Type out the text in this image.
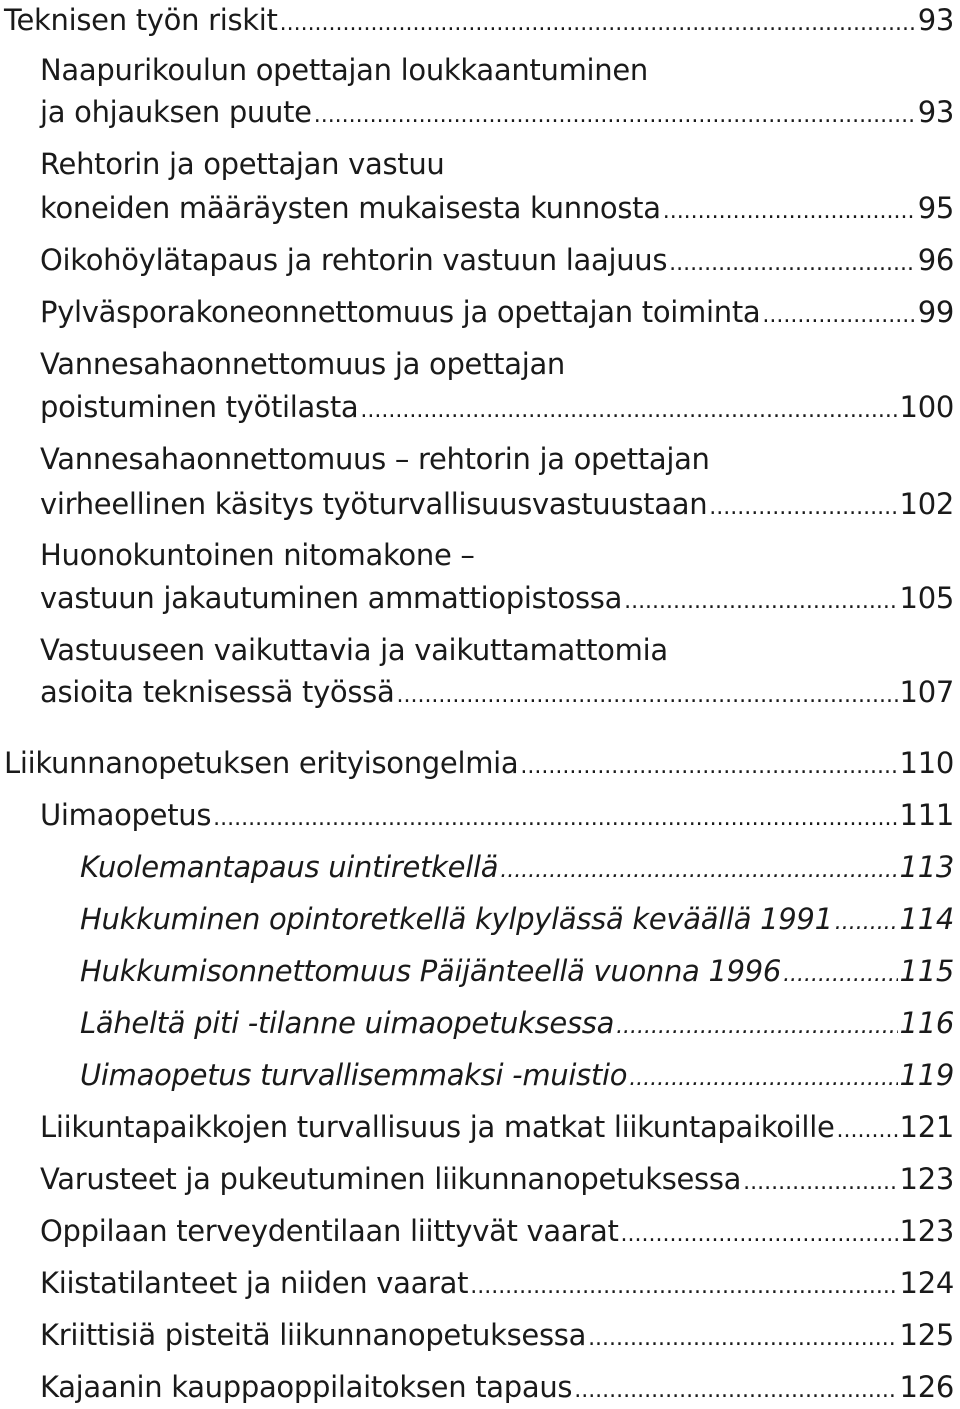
Teknisen työn riskit .....	93
Naapurikoulun opettajan loukkaantuminen
ja ohjauksen puute .....	93
Rehtorin ja opettajan vastuu
koneiden määräysten mukaisesta kunnosta .....	95
Oikohöylätapaus ja rehtorin vastuun laajuus .....	96
Pylväsporakoneonnettomuus ja opettajan toiminta .....	99
Vannesahaonnettomuus ja opettajan
poistuminen työtilasta .....	100
Vannesahaonnettomuus – rehtorin ja opettajan
virheellinen käsitys työturvallisuusvastuustaan .....	102
Huonokuntoinen nitomakone –
vastuun jakautuminen ammattiopistossa .....	105
Vastuuseen vaikuttavia ja vaikuttamattomia
asioita teknisessä työssä .....	107
Liikunnanopetuksen erityisongelmia .....	110
Uimaopetus .....	111
Kuolemantapaus uintiretkellä .....	113
Hukkuminen opintoretkellä kylpylässä keväällä 1991 ..... 114
Hukkumisonnettomuus Päijänteellä vuonna 1996 .....	115
Läheltä piti -tilanne uimaopetuksessa .....	116
Uimaopetus turvallisemmaksi -muistio .....	119
Liikuntapaikkojen turvallisuus ja matkat liikuntapaikoille ..... 121
Varusteet ja pukeutuminen liikunnanopetuksessa .....	123
Oppilaan terveydentilaan liittyvät vaarat .....	123
Kiistatilanteet ja niiden vaarat .....	124
Kriittisiä pisteitä liikunnanopetuksessa .....	125
Kajaanin kauppaoppilaitoksen tapaus .....	126
